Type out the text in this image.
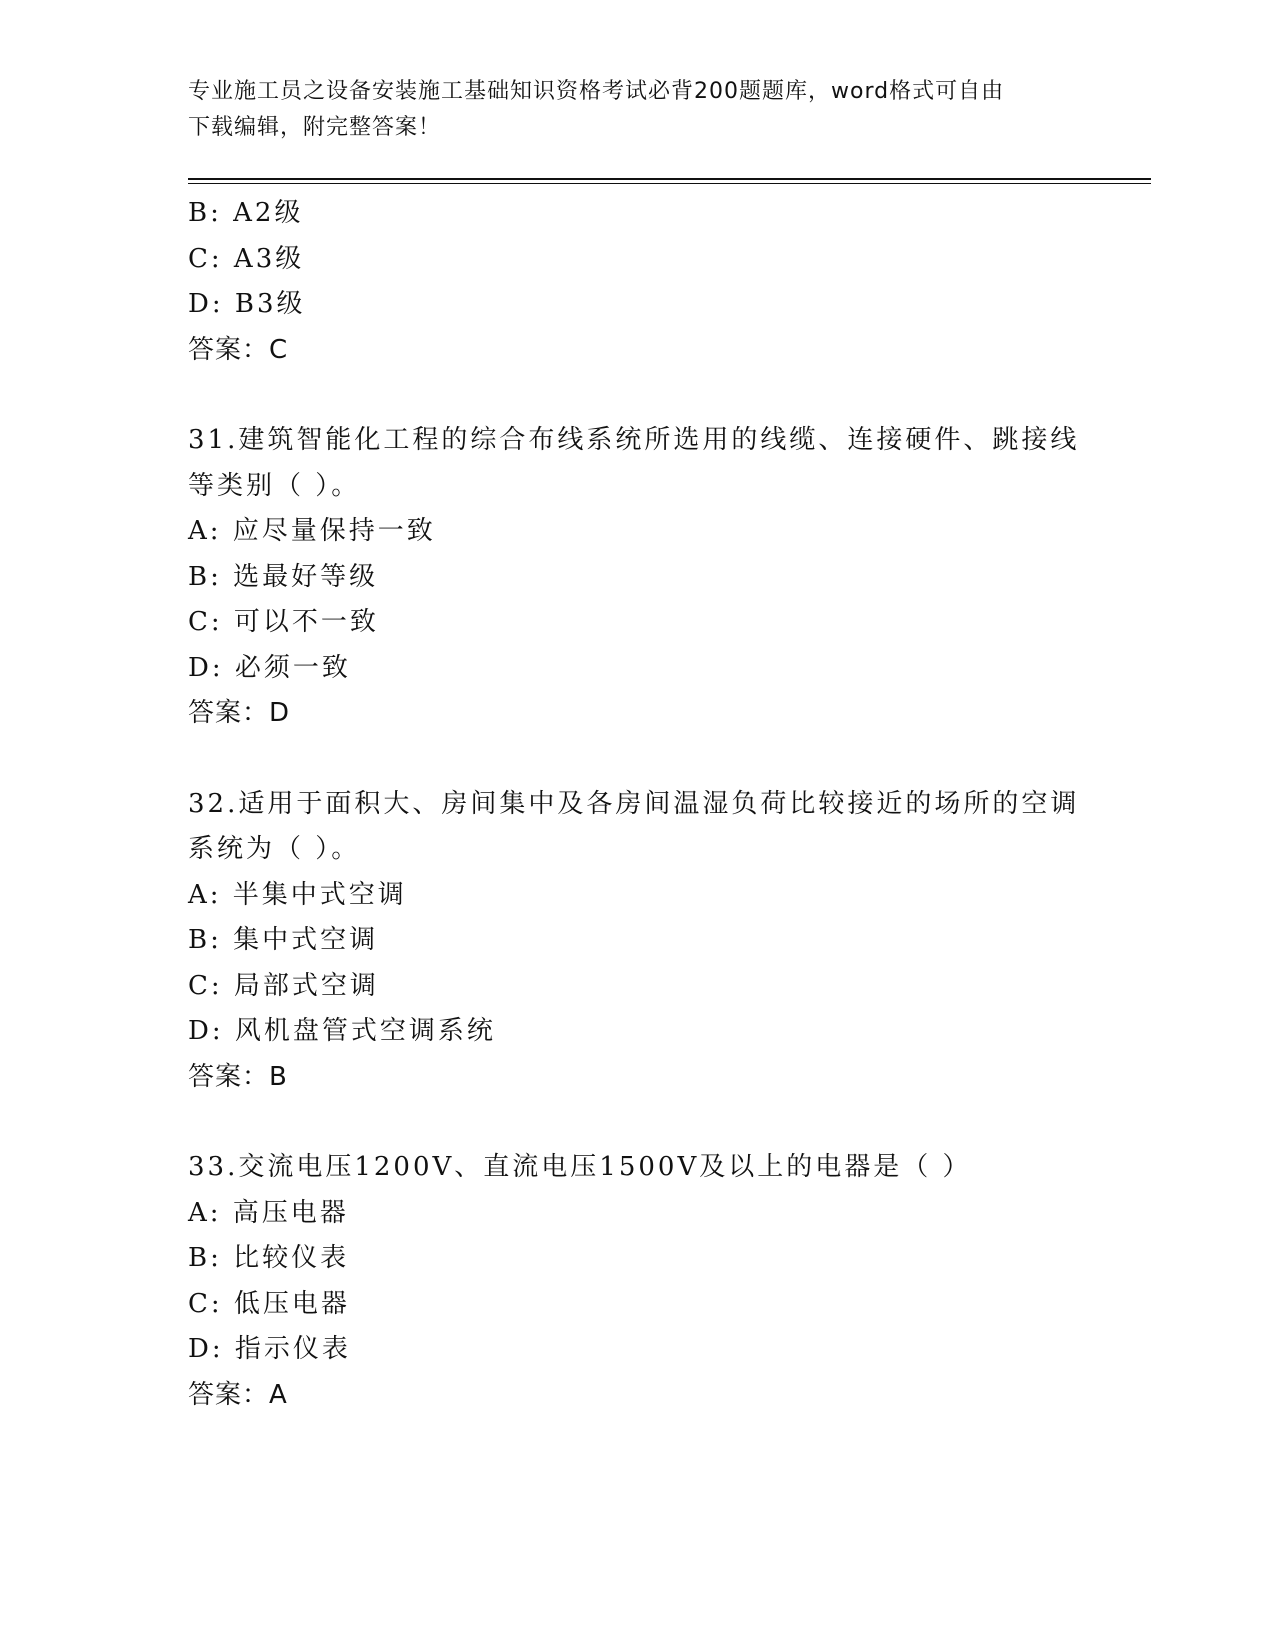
专业施工员之设备安装施工基础知识资格考试必背200题题库，word格式可自由
下载编辑，附完整答案！
B: A2级
C: A3级
D: B3级
答案：C
31.建筑智能化工程的综合布线系统所选用的线缆、连接硬件、跳接线
等类别（ ）。
A: 应尽量保持一致
B: 选最好等级
C: 可以不一致
D: 必须一致
答案：D
32.适用于面积大、房间集中及各房间温湿负荷比较接近的场所的空调
系统为（ ）。
A: 半集中式空调
B: 集中式空调
C: 局部式空调
D: 风机盘管式空调系统
答案：B
33.交流电压1200V、直流电压1500V及以上的电器是（ ）
A: 高压电器
B: 比较仪表
C: 低压电器
D: 指示仪表
答案：A
